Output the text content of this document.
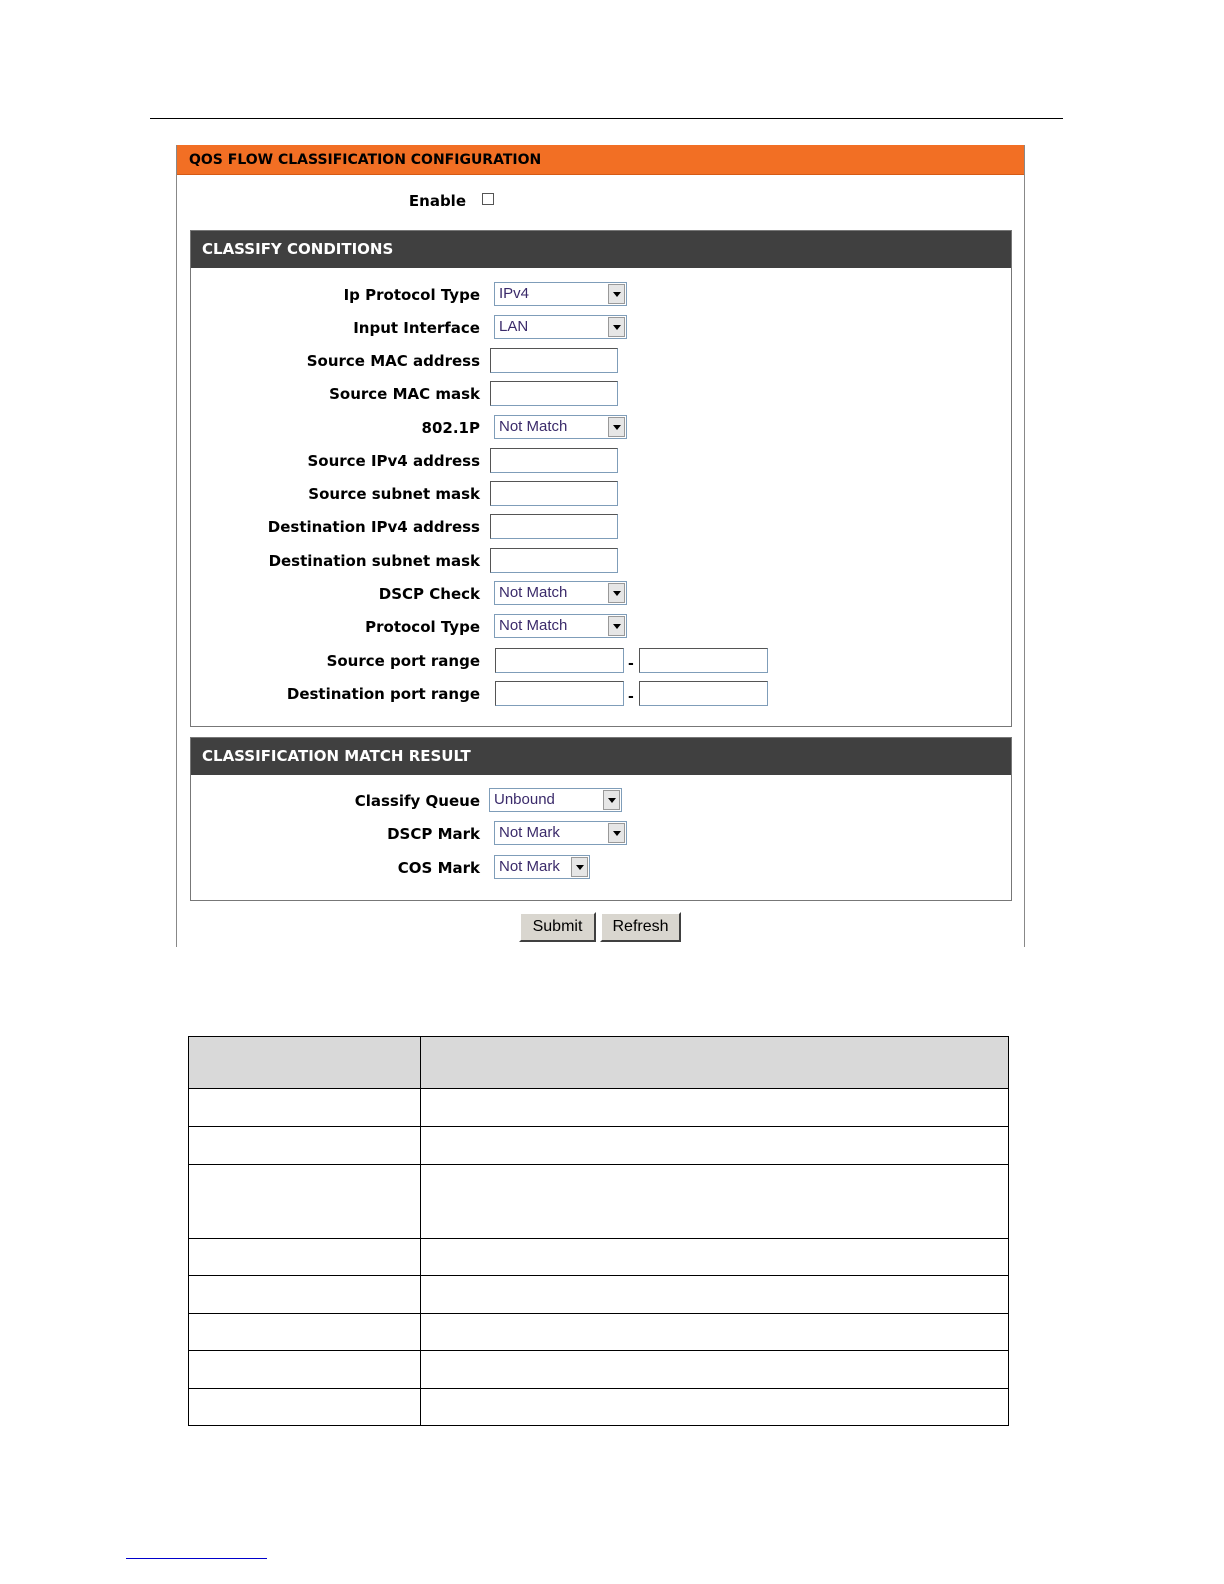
QOS FLOW CLASSIFICATION CONFIGURATION
Enable
CLASSIFY CONDITIONS
Ip Protocol Type IPv4
Input Interface LAN
Source MAC address
Source MAC mask
802.1P Not Match
Source IPv4 address
Source subnet mask
Destination IPv4 address
Destination subnet mask
DSCP Check Not Match
Protocol Type Not Match
Source port range	-
Destination port range	-
CLASSIFICATION MATCH RESULT
Classify Queue Unbound
DSCP Mark Not Mark
COS Mark Not Mark
Submit	Refresh
